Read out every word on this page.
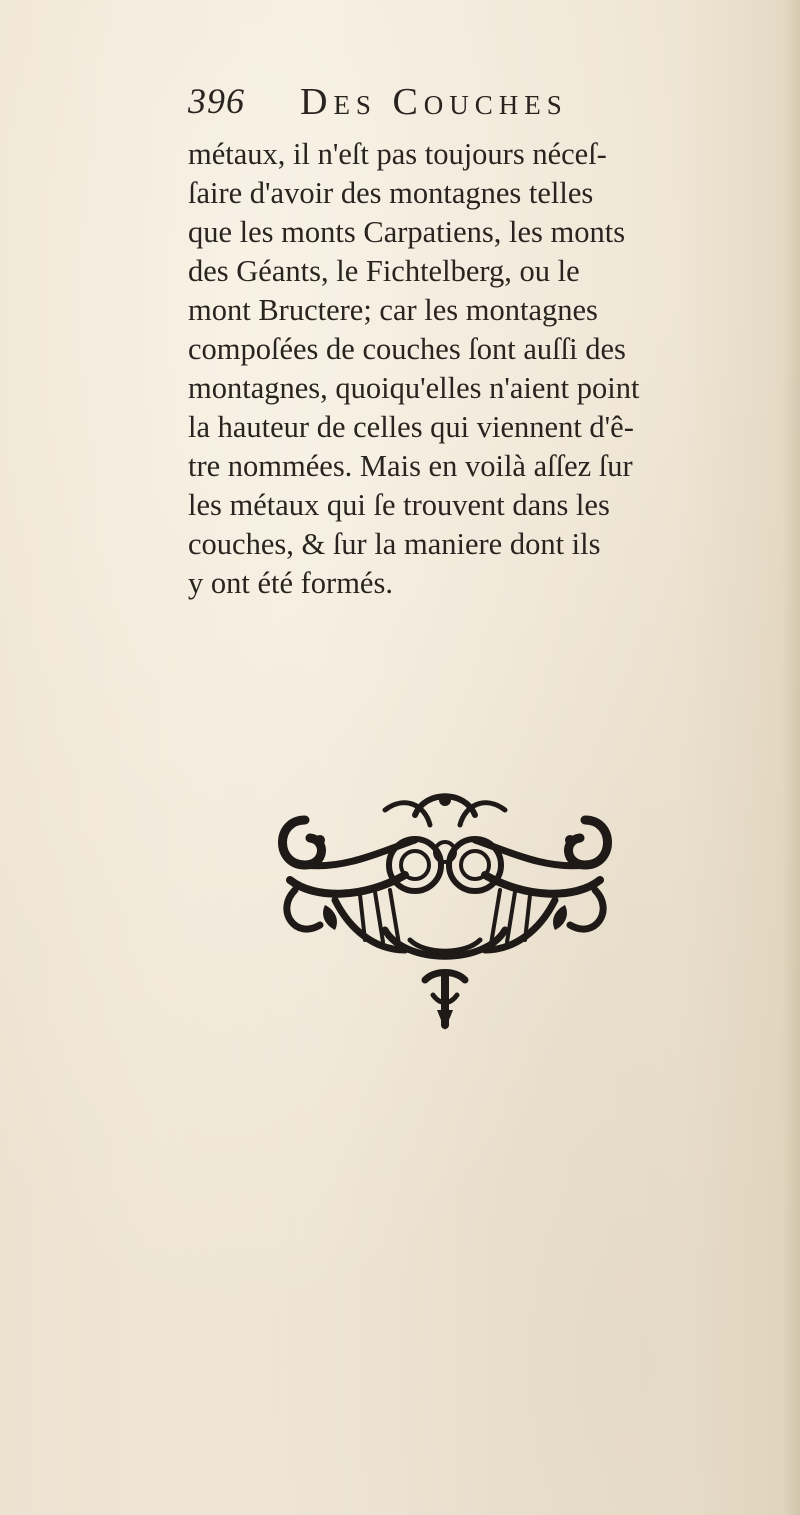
396 Des Couches
métaux, il n'eſt pas toujours néceſ-
ſaire d'avoir des montagnes telles
que les monts Carpatiens, les monts
des Géants, le Fichtelberg, ou le
mont Bructere; car les montagnes
compoſées de couches ſont auſſi des
montagnes, quoiqu'elles n'aient point
la hauteur de celles qui viennent d'ê-
tre nommées. Mais en voilà aſſez ſur
les métaux qui ſe trouvent dans les
couches, & ſur la maniere dont ils
y ont été formés.
